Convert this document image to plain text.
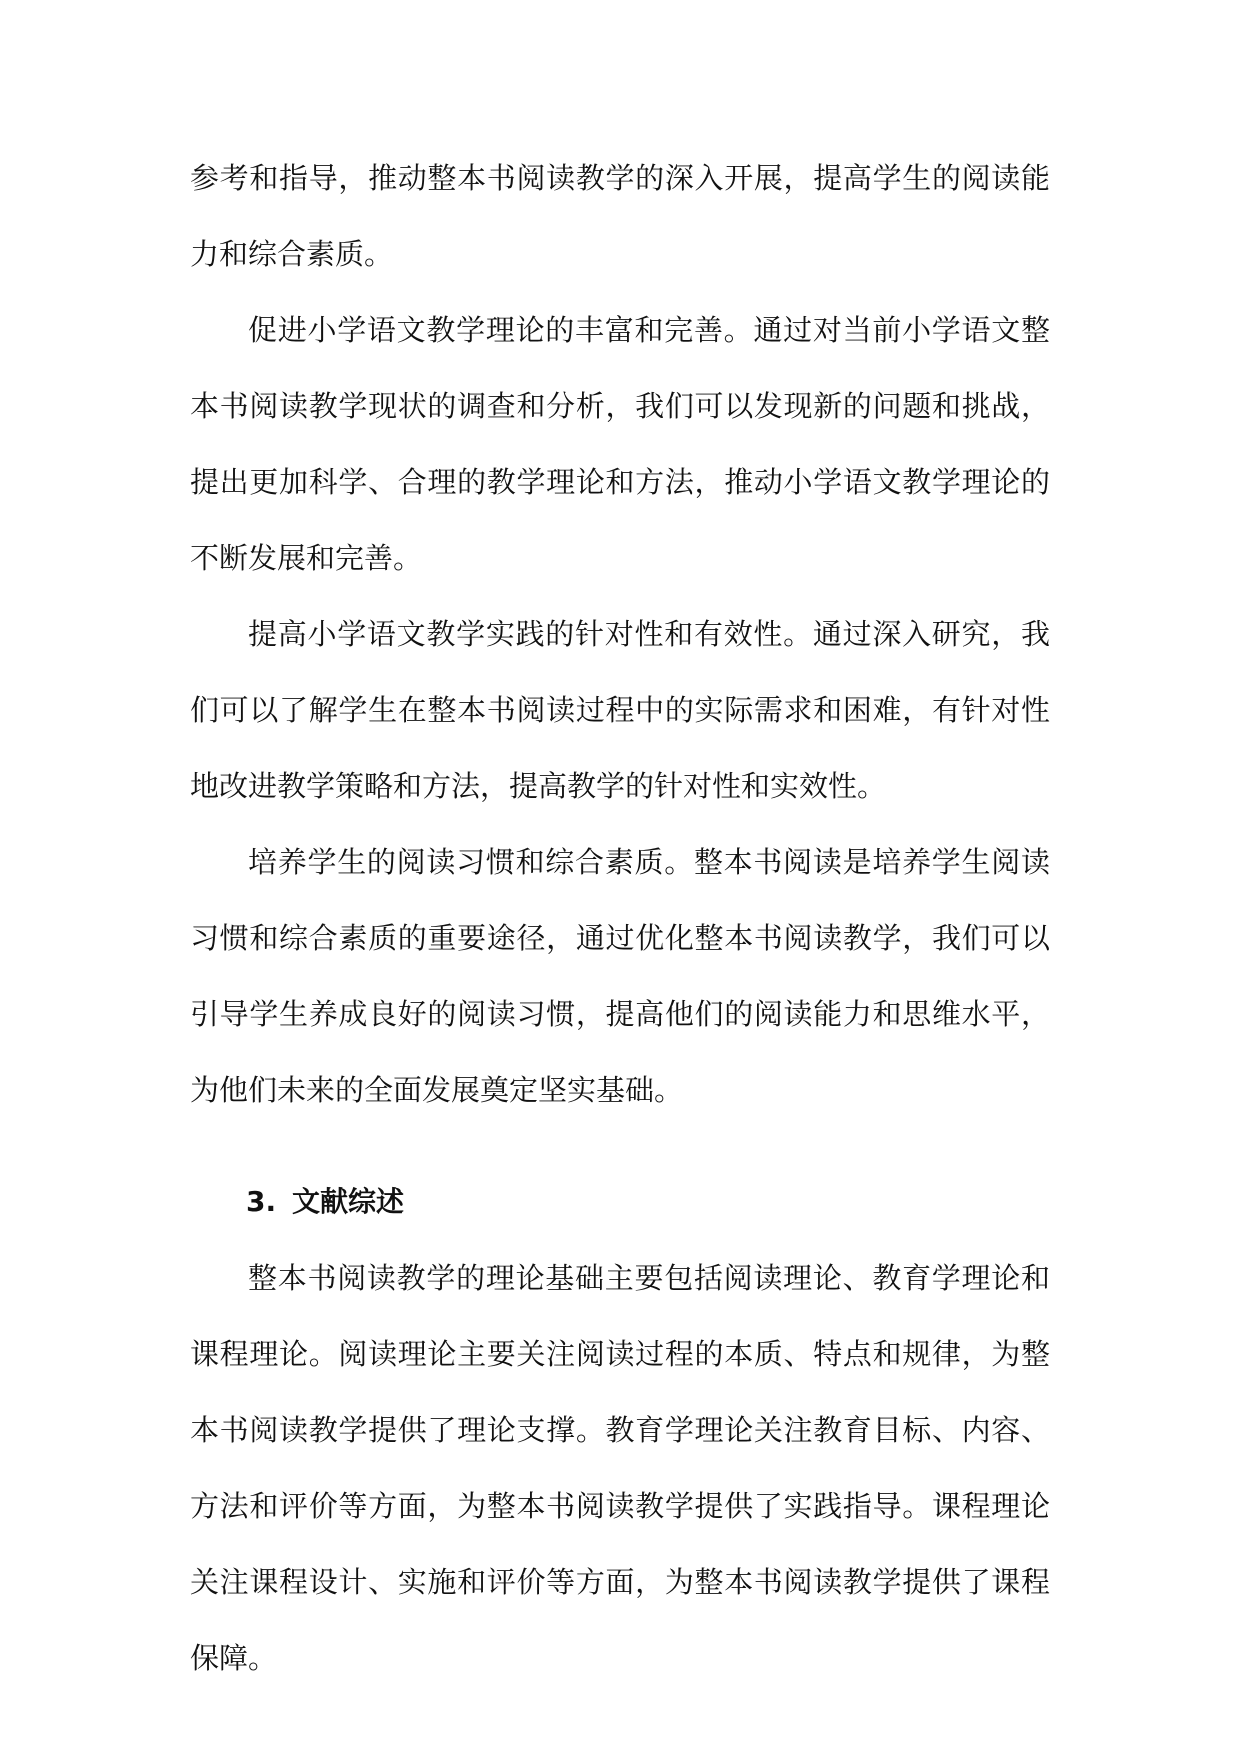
参考和指导，推动整本书阅读教学的深入开展，提高学生的阅读能力和综合素质。

促进小学语文教学理论的丰富和完善。通过对当前小学语文整本书阅读教学现状的调查和分析，我们可以发现新的问题和挑战，提出更加科学、合理的教学理论和方法，推动小学语文教学理论的不断发展和完善。

提高小学语文教学实践的针对性和有效性。通过深入研究，我们可以了解学生在整本书阅读过程中的实际需求和困难，有针对性地改进教学策略和方法，提高教学的针对性和实效性。

培养学生的阅读习惯和综合素质。整本书阅读是培养学生阅读习惯和综合素质的重要途径，通过优化整本书阅读教学，我们可以引导学生养成良好的阅读习惯，提高他们的阅读能力和思维水平，为他们未来的全面发展奠定坚实基础。

3. 文献综述

整本书阅读教学的理论基础主要包括阅读理论、教育学理论和课程理论。阅读理论主要关注阅读过程的本质、特点和规律，为整本书阅读教学提供了理论支撑。教育学理论关注教育目标、内容、方法和评价等方面，为整本书阅读教学提供了实践指导。课程理论关注课程设计、实施和评价等方面，为整本书阅读教学提供了课程保障。
